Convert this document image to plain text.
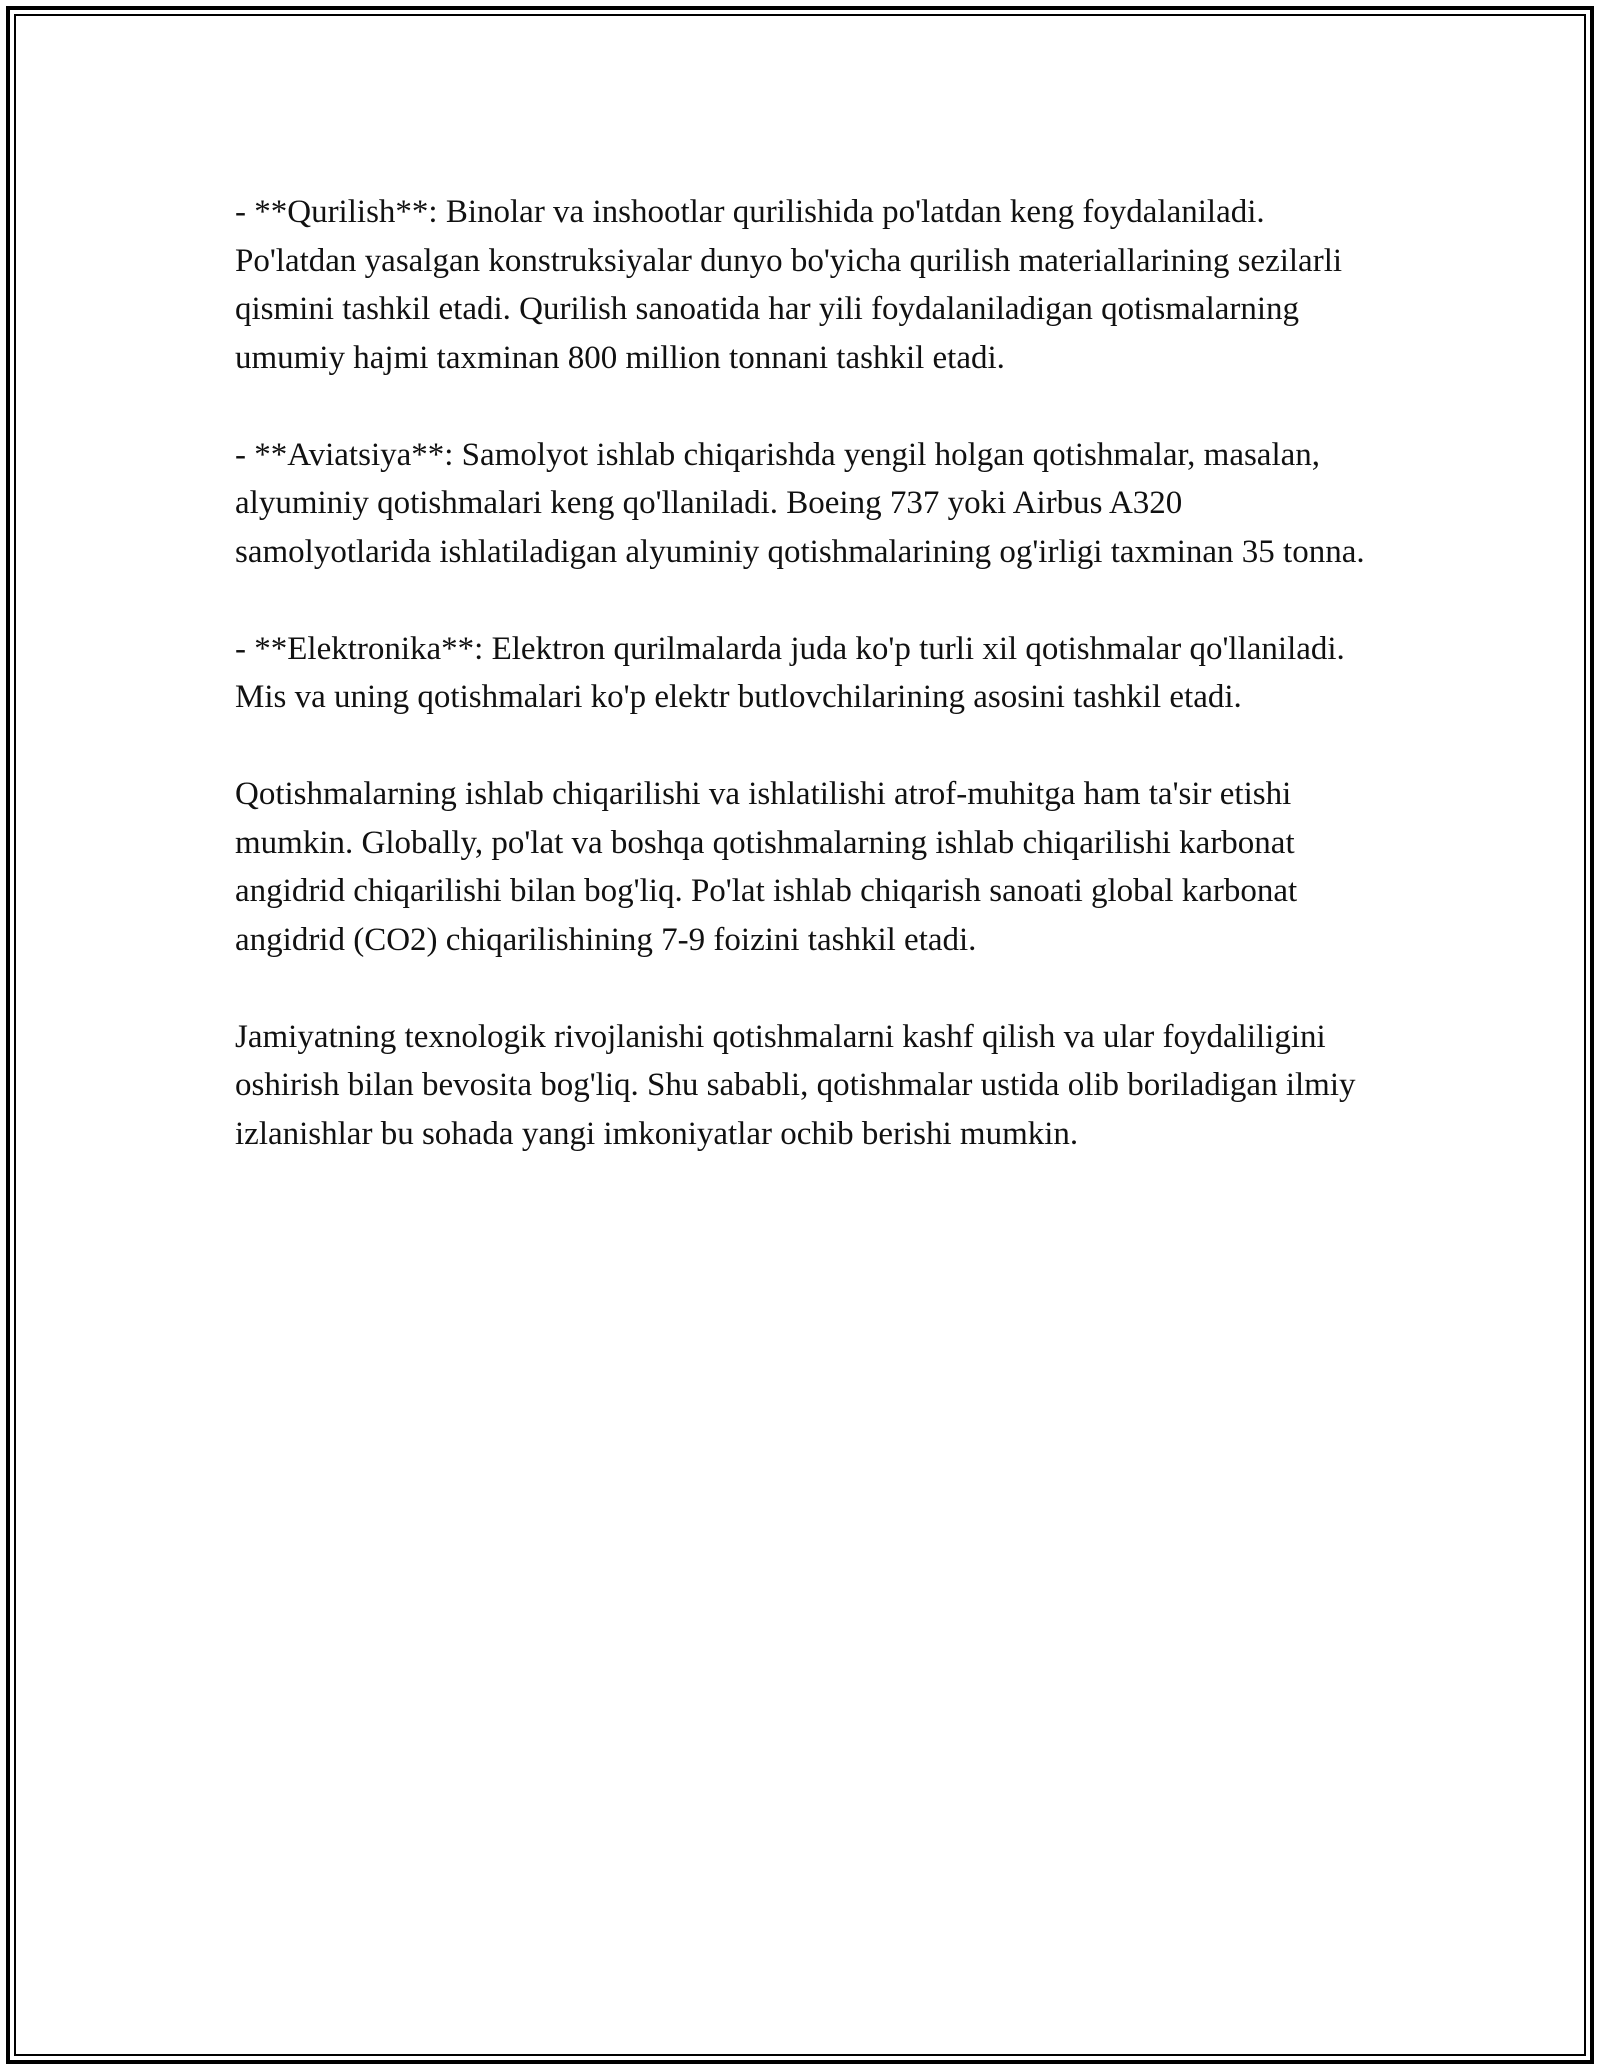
- **Qurilish**: Binolar va inshootlar qurilishida po'latdan keng foydalaniladi. Po'latdan yasalgan konstruksiyalar dunyo bo'yicha qurilish materiallarining sezilarli qismini tashkil etadi. Qurilish sanoatida har yili foydalaniladigan qotismalarning umumiy hajmi taxminan 800 million tonnani tashkil etadi.

- **Aviatsiya**: Samolyot ishlab chiqarishda yengil holgan qotishmalar, masalan, alyuminiy qotishmalari keng qo'llaniladi. Boeing 737 yoki Airbus A320 samolyotlarida ishlatiladigan alyuminiy qotishmalarining og'irligi taxminan 35 tonna.

- **Elektronika**: Elektron qurilmalarda juda ko'p turli xil qotishmalar qo'llaniladi. Mis va uning qotishmalari ko'p elektr butlovchilarining asosini tashkil etadi.

Qotishmalarning ishlab chiqarilishi va ishlatilishi atrof-muhitga ham ta'sir etishi mumkin. Globally, po'lat va boshqa qotishmalarning ishlab chiqarilishi karbonat angidrid chiqarilishi bilan bog'liq. Po'lat ishlab chiqarish sanoati global karbonat angidrid (CO2) chiqarilishining 7-9 foizini tashkil etadi.

Jamiyatning texnologik rivojlanishi qotishmalarni kashf qilish va ular foydaliligini oshirish bilan bevosita bog'liq. Shu sababli, qotishmalar ustida olib boriladigan ilmiy izlanishlar bu sohada yangi imkoniyatlar ochib berishi mumkin.
